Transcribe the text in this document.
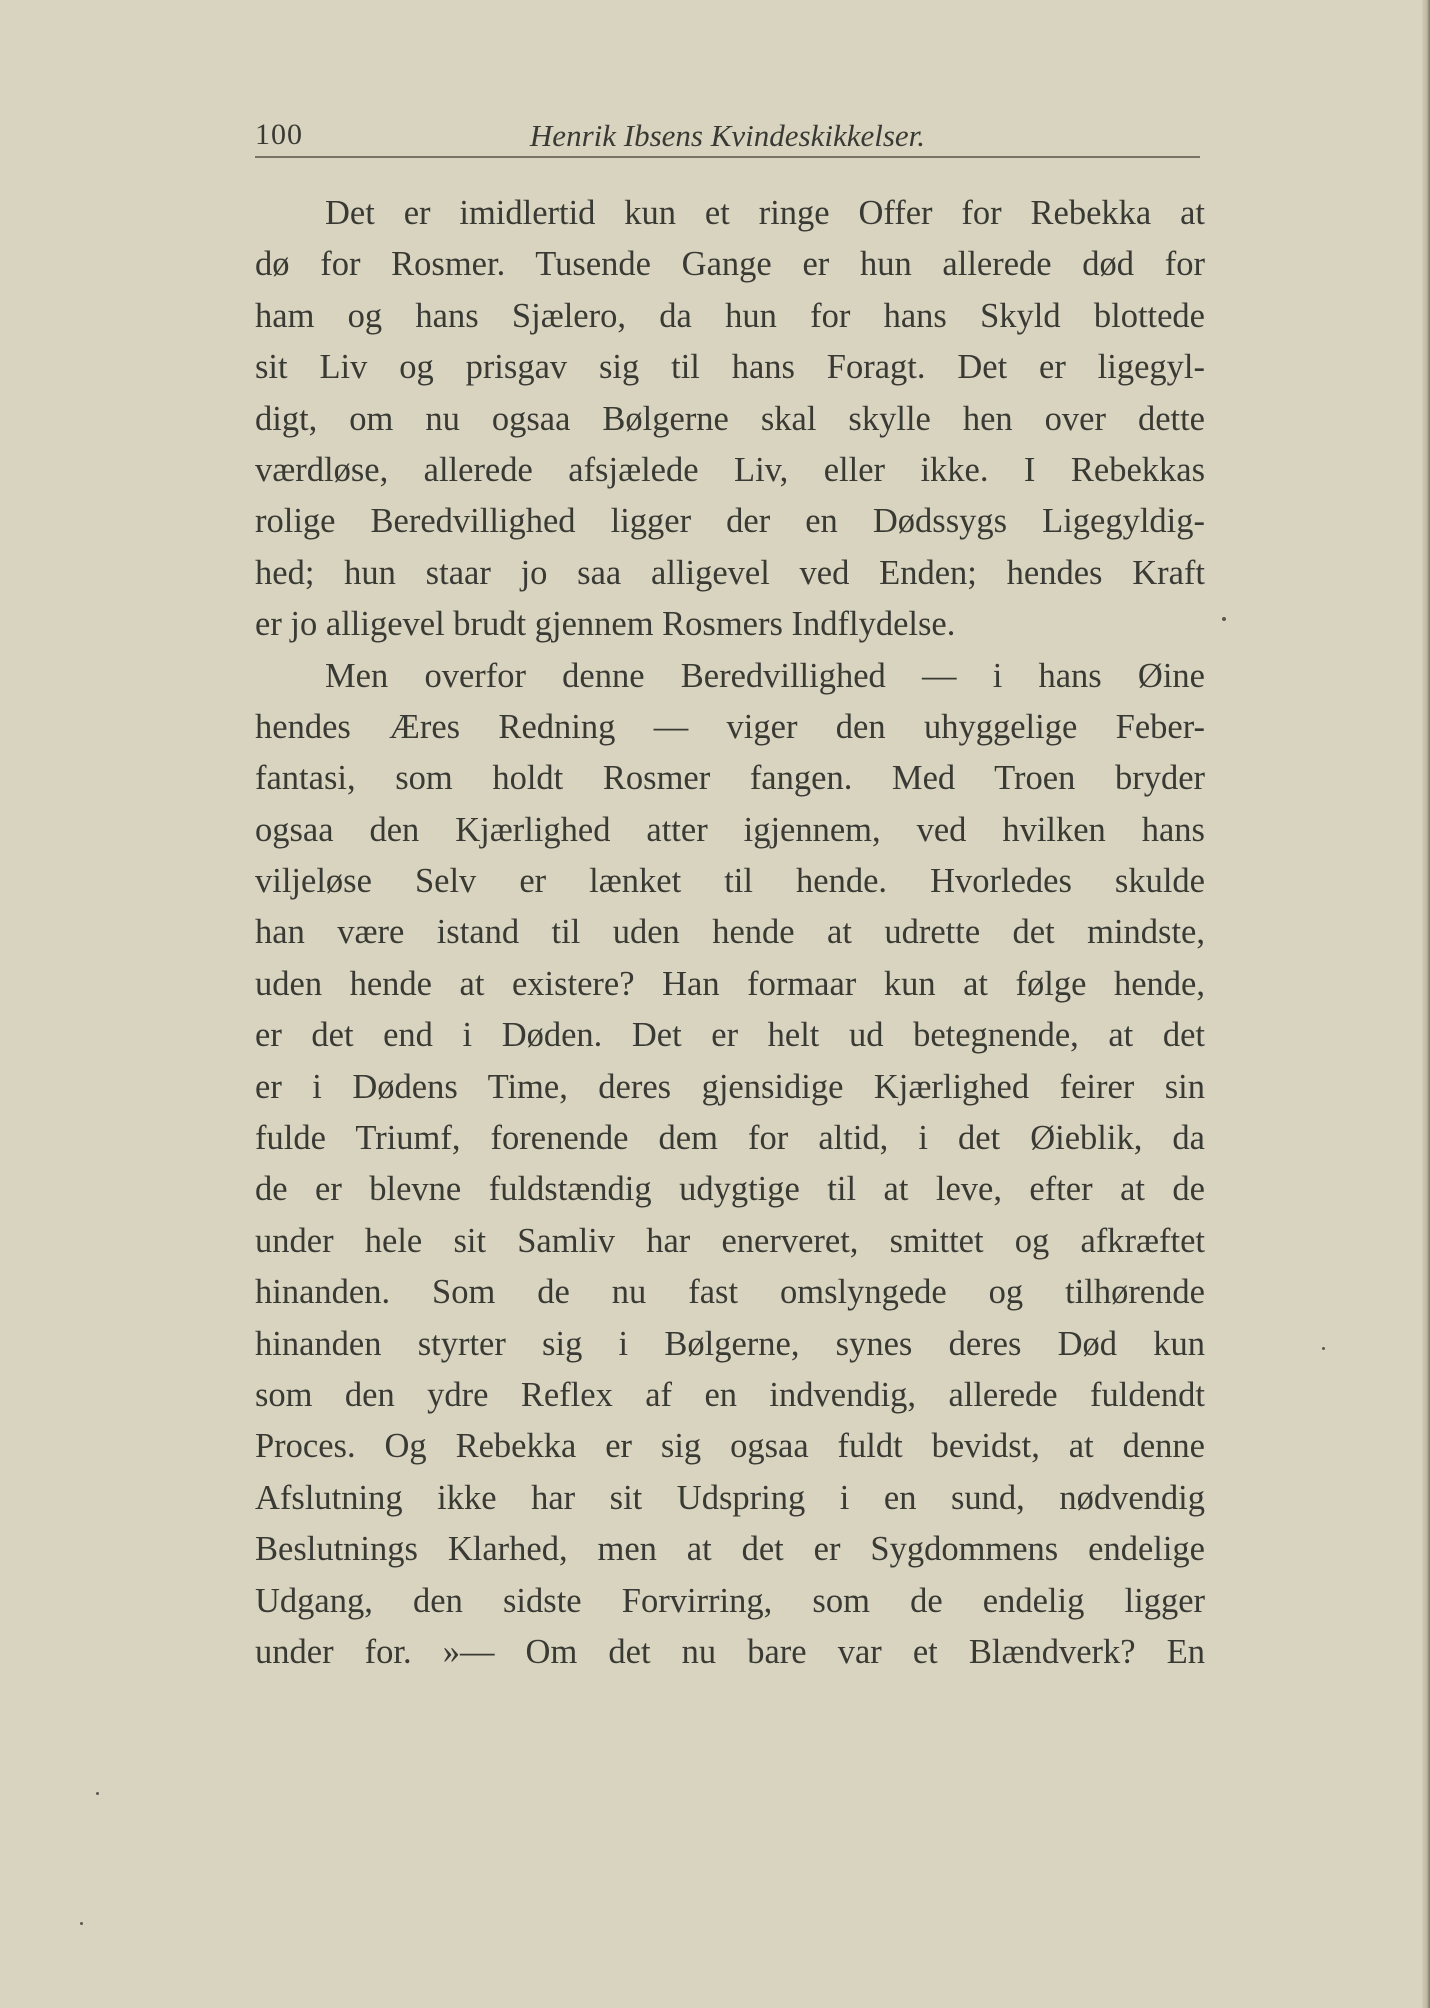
100	Henrik Ibsens Kvindeskikkelser.
Det er imidlertid kun et ringe Offer for Rebekka at
dø for Rosmer. Tusende Gange er hun allerede død for
ham og hans Sjælero, da hun for hans Skyld blottede
sit Liv og prisgav sig til hans Foragt. Det er ligegyl-
digt, om nu ogsaa Bølgerne skal skylle hen over dette
værdløse, allerede afsjælede Liv, eller ikke. I Rebekkas
rolige Beredvillighed ligger der en Dødssygs Ligegyldig-
hed; hun staar jo saa alligevel ved Enden; hendes Kraft
er jo alligevel brudt gjennem Rosmers Indflydelse.
Men overfor denne Beredvillighed — i hans Øine
hendes Æres Redning — viger den uhyggelige Feber-
fantasi, som holdt Rosmer fangen. Med Troen bryder
ogsaa den Kjærlighed atter igjennem, ved hvilken hans
viljeløse Selv er lænket til hende. Hvorledes skulde
han være istand til uden hende at udrette det mindste,
uden hende at existere? Han formaar kun at følge hende,
er det end i Døden. Det er helt ud betegnende, at det
er i Dødens Time, deres gjensidige Kjærlighed feirer sin
fulde Triumf, forenende dem for altid, i det Øieblik, da
de er blevne fuldstændig udygtige til at leve, efter at de
under hele sit Samliv har enerveret, smittet og afkræftet
hinanden. Som de nu fast omslyngede og tilhørende
hinanden styrter sig i Bølgerne, synes deres Død kun
som den ydre Reflex af en indvendig, allerede fuldendt
Proces. Og Rebekka er sig ogsaa fuldt bevidst, at denne
Afslutning ikke har sit Udspring i en sund, nødvendig
Beslutnings Klarhed, men at det er Sygdommens endelige
Udgang, den sidste Forvirring, som de endelig ligger
under for. »— Om det nu bare var et Blændverk? En
